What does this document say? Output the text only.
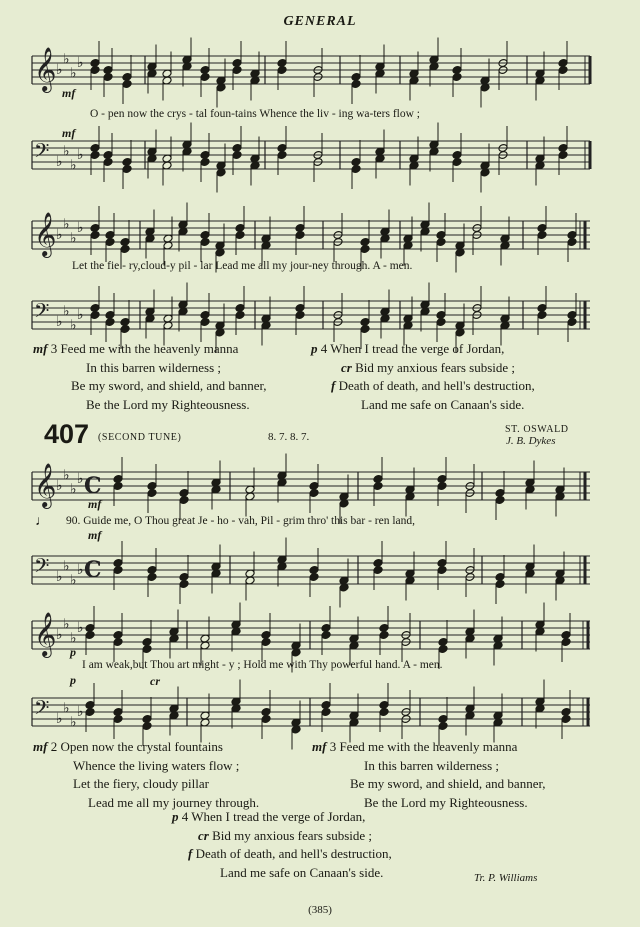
GENERAL
𝄞 ♭
♭
♭
♭
𝄢 ♭
♭
♭
♭
mf
mf
O - pen now the crys - tal foun-tains Whence the liv - ing wa-ters flow ;
𝄞 ♭
♭
♭
♭
𝄢 ♭
♭
♭
♭
Let the fie - ry,cloud-y pil - lar Lead me all my jour-ney through. A - men.
mf 3 Feed me with the heavenly manna
In this barren wilderness ;
Be my sword, and shield, and banner,
Be the Lord my Righteousness.
p 4 When I tread the verge of Jordan,
cr Bid my anxious fears subside ;
f Death of death, and hell's destruction,
Land me safe on Canaan's side.
407 (SECOND TUNE)	8. 7. 8. 7.
ST. OSWALD
J. B. Dykes
𝄞 ♭
♭
♭
♭ C
𝄢 ♭
♭
♭
♭ C
mf
mf
♩ 90. Guide me, O Thou great Je - ho - vah, Pil - grim thro' this bar - ren land,
𝄞 ♭
♭
♭
♭
𝄢 ♭
♭
♭
♭
p
p	cr
I am weak,but Thou art might - y ; Hold me with Thy powerful hand. A - men.
mf 2 Open now the crystal fountains
Whence the living waters flow ;
Let the fiery, cloudy pillar
Lead me all my journey through.
mf 3 Feed me with the heavenly manna
In this barren wilderness ;
Be my sword, and shield, and banner,
Be the Lord my Righteousness.
p 4 When I tread the verge of Jordan,
cr Bid my anxious fears subside ;
f Death of death, and hell's destruction,
Land me safe on Canaan's side.	Tr. P. Williams
(385)
